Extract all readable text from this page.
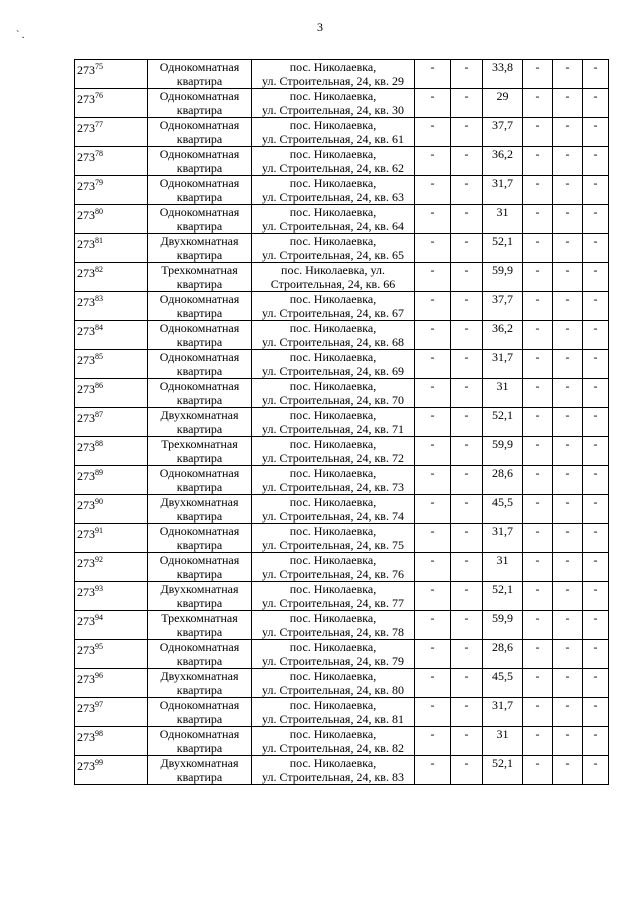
3
` .
$273^{75}$	Однокомнатная квартира	пос. Николаевка,
ул. Строительная, 24, кв. 29	-	-	33,8	-	-	-
$273^{76}$	Однокомнатная квартира	пос. Николаевка,
ул. Строительная, 24, кв. 30	-	-	29	-	-	-
$273^{77}$	Однокомнатная квартира	пос. Николаевка,
ул. Строительная, 24, кв. 61	-	-	37,7	-	-	-
$273^{78}$	Однокомнатная квартира	пос. Николаевка,
ул. Строительная, 24, кв. 62	-	-	36,2	-	-	-
$273^{79}$	Однокомнатная квартира	пос. Николаевка,
ул. Строительная, 24, кв. 63	-	-	31,7	-	-	-
$273^{80}$	Однокомнатная квартира	пос. Николаевка,
ул. Строительная, 24, кв. 64	-	-	31	-	-	-
$273^{81}$	Двухкомнатная квартира	пос. Николаевка,
ул. Строительная, 24, кв. 65	-	-	52,1	-	-	-
$273^{82}$	Трехкомнатная квартира	пос. Николаевка, ул.
Строительная, 24, кв. 66	-	-	59,9	-	-	-
$273^{83}$	Однокомнатная квартира	пос. Николаевка,
ул. Строительная, 24, кв. 67	-	-	37,7	-	-	-
$273^{84}$	Однокомнатная квартира	пос. Николаевка,
ул. Строительная, 24, кв. 68	-	-	36,2	-	-	-
$273^{85}$	Однокомнатная квартира	пос. Николаевка,
ул. Строительная, 24, кв. 69	-	-	31,7	-	-	-
$273^{86}$	Однокомнатная квартира	пос. Николаевка,
ул. Строительная, 24, кв. 70	-	-	31	-	-	-
$273^{87}$	Двухкомнатная квартира	пос. Николаевка,
ул. Строительная, 24, кв. 71	-	-	52,1	-	-	-
$273^{88}$	Трехкомнатная квартира	пос. Николаевка,
ул. Строительная, 24, кв. 72	-	-	59,9	-	-	-
$273^{89}$	Однокомнатная квартира	пос. Николаевка,
ул. Строительная, 24, кв. 73	-	-	28,6	-	-	-
$273^{90}$	Двухкомнатная квартира	пос. Николаевка,
ул. Строительная, 24, кв. 74	-	-	45,5	-	-	-
$273^{91}$	Однокомнатная квартира	пос. Николаевка,
ул. Строительная, 24, кв. 75	-	-	31,7	-	-	-
$273^{92}$	Однокомнатная квартира	пос. Николаевка,
ул. Строительная, 24, кв. 76	-	-	31	-	-	-
$273^{93}$	Двухкомнатная квартира	пос. Николаевка,
ул. Строительная, 24, кв. 77	-	-	52,1	-	-	-
$273^{94}$	Трехкомнатная квартира	пос. Николаевка,
ул. Строительная, 24, кв. 78	-	-	59,9	-	-	-
$273^{95}$	Однокомнатная квартира	пос. Николаевка,
ул. Строительная, 24, кв. 79	-	-	28,6	-	-	-
$273^{96}$	Двухкомнатная квартира	пос. Николаевка,
ул. Строительная, 24, кв. 80	-	-	45,5	-	-	-
$273^{97}$	Однокомнатная квартира	пос. Николаевка,
ул. Строительная, 24, кв. 81	-	-	31,7	-	-	-
$273^{98}$	Однокомнатная квартира	пос. Николаевка,
ул. Строительная, 24, кв. 82	-	-	31	-	-	-
$273^{99}$	Двухкомнатная квартира	пос. Николаевка,
ул. Строительная, 24, кв. 83	-	-	52,1	-	-	-
